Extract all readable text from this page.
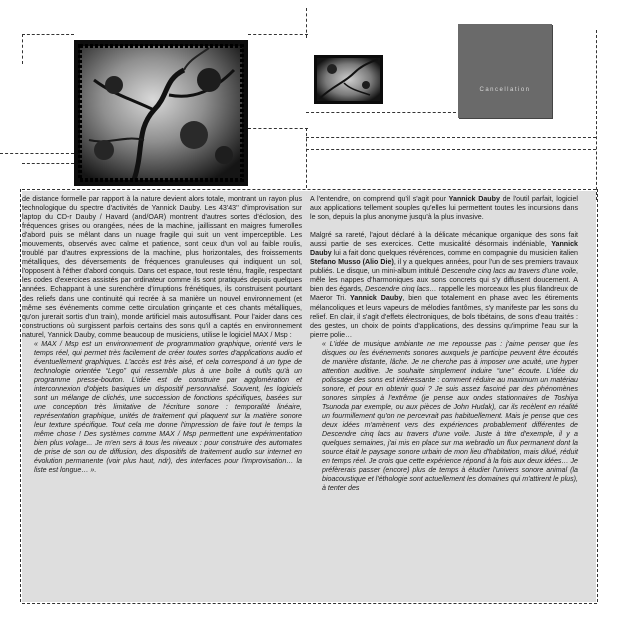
Cancellation

de distance formelle par rapport à la nature devient alors totale, montrant un rayon plus technologique du spectre d'activités de Yannick Dauby. Les 43'43'' d'improvisation sur laptop du CD-r Dauby / Havard (and/OAR) montrent d'autres sortes d'éclosion, des fréquences grises ou orangées, nées de la machine, jaillissant en maigres fumerolles d'abord puis se mêlant dans un nuage fragile qui suit un vent imperceptible. Les mouvements, observés avec calme et patience, sont ceux d'un vol au faible roulis, troublé par d'autres expressions de la machine, plus horizontales, des froissements métalliques, des déversements de fréquences granuleuses qui indiquent un sol, l'opposent à l'éther d'abord conquis. Dans cet espace, tout reste ténu, fragile, respectant les codes d'exercices assistés par ordinateur comme ils sont pratiqués depuis quelques années. Echappant à une surenchère d'irruptions frénétiques, ils construisent pourtant des reliefs dans une continuité qui recrée à sa manière un nouvel environnement (et même ses événements comme cette circulation grinçante et ces chants métalliques, qu'on jurerait sortis d'un train), monde artificiel mais autosuffisant. Pour l'aider dans ces constructions où surgissent parfois certains des sons qu'il a captés en environnement naturel, Yannick Dauby, comme beaucoup de musiciens, utilise le logiciel MAX / Msp :

« MAX / Msp est un environnement de programmation graphique, orienté vers le temps réel, qui permet très facilement de créer toutes sortes d'applications audio et éventuellement graphiques. L'accès est très aisé, et cela correspond à un type de technologie orientée “Lego” qui ressemble plus à une boîte à outils qu'à un programme presse-bouton. L'idée est de construire par agglomération et interconnexion d'objets basiques un dispositif personnalisé. Souvent, les logiciels sont un mélange de clichés, une succession de fonctions spécifiques, basées sur une conception très limitative de l'écriture sonore : temporalité linéaire, représentation graphique, unités de traitement qui plaquent sur la matière sonore leur texture spécifique. Tout cela me donne l'impression de faire tout le temps la même chose ! Des systèmes comme MAX / Msp permettent une expérimentation bien plus volage... Je m'en sers à tous les niveaux : pour construire des automates de prise de son ou de diffusion, des dispositifs de traitement audio sur internet en évolution permanente (voir plus haut, ndr), des interfaces pour l'improvisation… la liste est longue… ».

A l'entendre, on comprend qu'il s'agit pour Yannick Dauby de l'outil parfait, logiciel aux applications tellement souples qu'elles lui permettent toutes les incursions dans le son, depuis la plus anonyme jusqu'à la plus invasive.

Malgré sa rareté, l'ajout déclaré à la délicate mécanique organique des sons fait aussi partie de ses exercices. Cette musicalité désormais indéniable, Yannick Dauby lui a fait donc quelques révérences, comme en compagnie du musicien italien Stefano Musso (Alio Die), il y a quelques années, pour l'un de ses premiers travaux publiés. Le disque, un mini-album intitulé Descendre cinq lacs au travers d'une voile, mêle les nappes d'harmoniques aux sons concrets qui s'y diffusent doucement. A bien des égards, Descendre cinq lacs… rappelle les morceaux les plus filandreux de Maeror Tri. Yannick Dauby, bien que totalement en phase avec les étirements mélancoliques et leurs vapeurs de mélodies fantômes, s'y manifeste par les sons du relief. En clair, il s'agit d'effets électroniques, de bols tibétains, de sons d'eau traités : des gestes, un choix de points d'applications, des dessins qu'imprime l'eau sur la pierre polie…

« L'idée de musique ambiante ne me repousse pas : j'aime penser que les disques ou les événements sonores auxquels je participe peuvent être écoutés de manière distante, lâche. Je ne cherche pas à imposer une acuité, une hyper attention auditive. Je souhaite simplement induire “une” écoute. L'idée du polissage des sons est intéressante : comment réduire au maximum un matériau sonore, et pour en obtenir quoi ? Je suis assez fasciné par des phénomènes sonores simples à l'extrême (je pense aux ondes stationnaires de Toshiya Tsunoda par exemple, ou aux pièces de John Hudak), car ils recèlent en réalité un fourmillement qu'on ne percevrait pas habituellement. Mais je pense que ces deux idées m'amènent vers des expériences probablement différentes de Descendre cinq lacs au travers d'une voile. Juste à titre d'exemple, il y a quelques semaines, j'ai mis en place sur ma webradio un flux permanent dont la source était le paysage sonore urbain de mon lieu d'habitation, mais dilué, réduit en temps réel. Je crois que cette expérience répond à la fois aux deux idées… Je préfèrerais passer (encore) plus de temps à étudier l'univers sonore animal (la bioacoustique et l'éthologie sont actuellement les domaines qui m'attirent le plus), à tenter des
